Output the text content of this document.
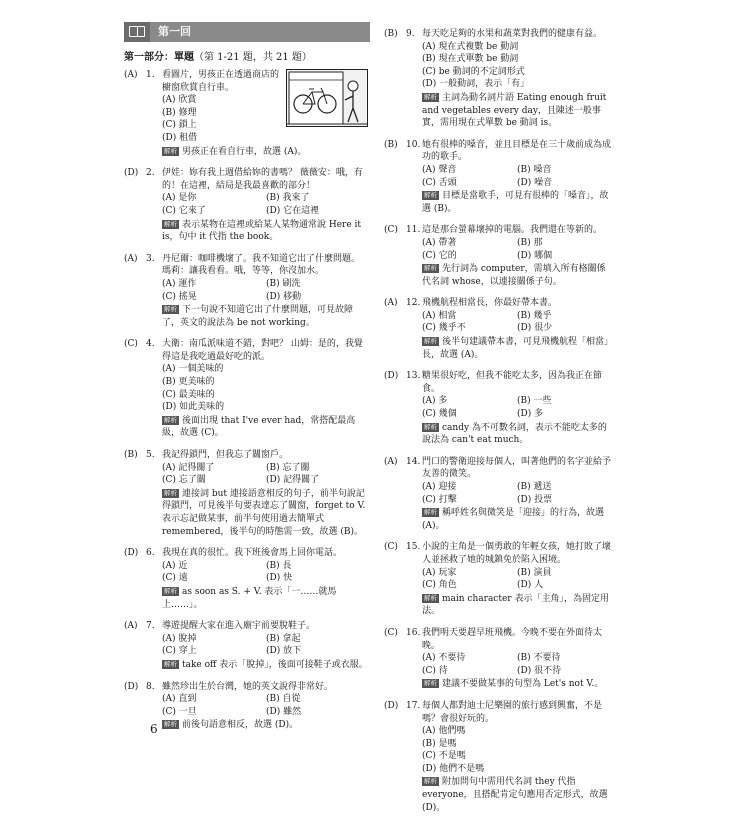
第一回
第一部分：單題（第 1-21 題，共 21 題）
(A) 1. 看圖片，男孩正在透過商店的櫥窗欣賞自行車。
(A) 欣賞
(B) 修理
(C) 鎖上
(D) 租借
解析 男孩正在看自行車，故選 (A)。
(D) 2. 伊娃：妳有我上週借給妳的書嗎？ 薇薇安：哦，有的！在這裡，結局是我最喜歡的部分！
(A) 是你	(B) 我來了
(C) 它來了	(D) 它在這裡
解析 表示某物在這裡或給某人某物通常說 Here it is，句中 it 代指 the book。
(A) 3. 丹尼爾：咖啡機壞了。我不知道它出了什麼問題。 瑪莉：讓我看看。哦，等等，你沒加水。
(A) 運作	(B) 刷洗
(C) 搖晃	(D) 移動
解析 下一句說不知道它出了什麼問題，可見故障了，英文的說法為 be not working。
(C) 4. 大衛：南瓜派味道不錯，對吧？ 山姆：是的，我覺得這是我吃過最好吃的派。
(A) 一個美味的
(B) 更美味的
(C) 最美味的
(D) 如此美味的
解析 後面出現 that I've ever had，常搭配最高級，故選 (C)。
(B) 5. 我記得鎖門，但我忘了關窗戶。
(A) 記得關了	(B) 忘了關
(C) 忘了關	(D) 記得關了
解析 連接詞 but 連接語意相反的句子，前半句說記得鎖門，可見後半句要表達忘了關窗，forget to V. 表示忘記做某事，前半句使用過去簡單式 remembered，後半句的時態需一致，故選 (B)。
(D) 6. 我現在真的很忙。我下班後會馬上回你電話。
(A) 近	(B) 長
(C) 遠	(D) 快
解析 as soon as S. + V. 表示「一……就馬上……」。
(A) 7. 導遊提醒大家在進入廟宇前要脫鞋子。
(A) 脫掉	(B) 拿起
(C) 穿上	(D) 放下
解析 take off 表示「脫掉」，後面可接鞋子或衣服。
(D) 8. 雖然珍出生於台灣，她的英文說得非常好。
(A) 直到	(B) 自從
(C) 一旦	(D) 雖然
解析 前後句語意相反，故選 (D)。
(B) 9. 每天吃足夠的水果和蔬菜對我們的健康有益。
(A) 現在式複數 be 動詞
(B) 現在式單數 be 動詞
(C) be 動詞的不定詞形式
(D) 一般動詞，表示「有」
解析 主詞為動名詞片語 Eating enough fruit and vegetables every day，且陳述一般事實，需用現在式單數 be 動詞 is。
(B) 10. 她有很棒的嗓音，並且目標是在三十歲前成為成功的歌手。
(A) 聲音	(B) 嗓音
(C) 舌頭	(D) 噪音
解析 目標是當歌手，可見有很棒的「嗓音」，故選 (B)。
(C) 11. 這是那台螢幕壞掉的電腦。我們還在等新的。
(A) 帶著	(B) 那
(C) 它的	(D) 哪個
解析 先行詞為 computer，需填入所有格關係代名詞 whose，以連接關係子句。
(A) 12. 飛機航程相當長，你最好帶本書。
(A) 相當	(B) 幾乎
(C) 幾乎不	(D) 很少
解析 後半句建議帶本書，可見飛機航程「相當」長，故選 (A)。
(D) 13. 糖果很好吃，但我不能吃太多，因為我正在節食。
(A) 多	(B) 一些
(C) 幾個	(D) 多
解析 candy 為不可數名詞，表示不能吃太多的說法為 can't eat much。
(A) 14. 門口的警衛迎接每個人，叫著他們的名字並給予友善的微笑。
(A) 迎接	(B) 遞送
(C) 打擊	(D) 投票
解析 稱呼姓名與微笑是「迎接」的行為，故選 (A)。
(C) 15. 小說的主角是一個勇敢的年輕女孩，她打敗了壞人並拯救了她的城鎮免於陷入困境。
(A) 玩家	(B) 演員
(C) 角色	(D) 人
解析 main character 表示「主角」，為固定用法。
(C) 16. 我們明天要趕早班飛機。今晚不要在外面待太晚。
(A) 不要待	(B) 不要待
(C) 待	(D) 很不待
解析 建議不要做某事的句型為 Let's not V.。
(D) 17. 每個人都對迪士尼樂園的旅行感到興奮，不是嗎？會很好玩的。
(A) 他們嗎
(B) 是嗎
(C) 不是嗎
(D) 他們不是嗎
解析 附加問句中需用代名詞 they 代指 everyone，且搭配肯定句應用否定形式，故選 (D)。
6
